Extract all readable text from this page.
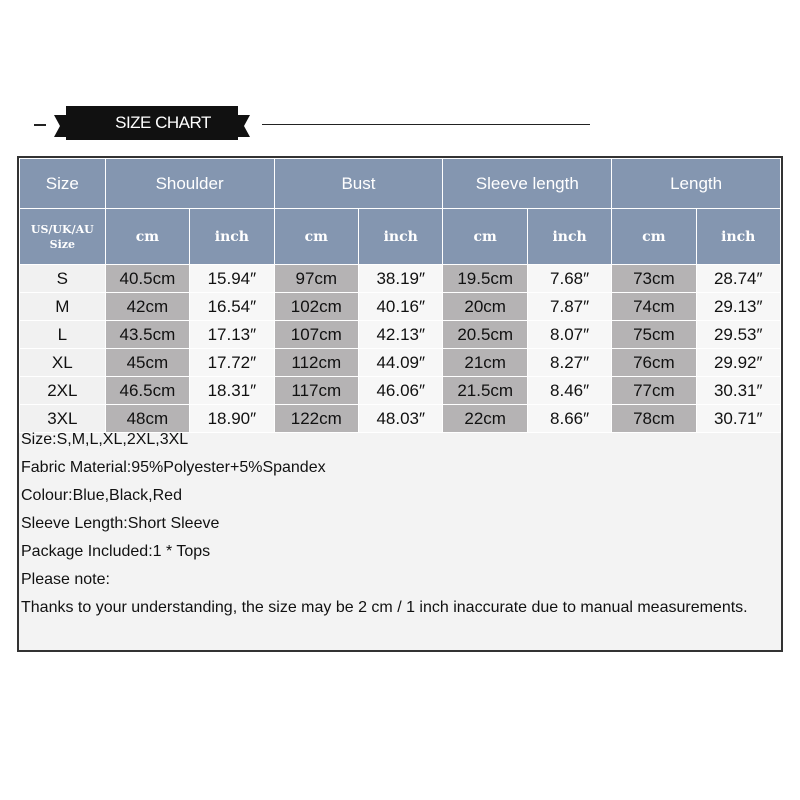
SIZE CHART
Size	Shoulder		Bust		Sleeve length		Length	
US/UK/AU
Size	cm	inch	cm	inch	cm	inch	cm	inch
S	40.5cm	15.94″	97cm	38.19″	19.5cm	7.68″	73cm	28.74″
M	42cm	16.54″	102cm	40.16″	20cm	7.87″	74cm	29.13″
L	43.5cm	17.13″	107cm	42.13″	20.5cm	8.07″	75cm	29.53″
XL	45cm	17.72″	112cm	44.09″	21cm	8.27″	76cm	29.92″
2XL	46.5cm	18.31″	117cm	46.06″	21.5cm	8.46″	77cm	30.31″
3XL	48cm	18.90″	122cm	48.03″	22cm	8.66″	78cm	30.71″
Size:S,M,L,XL,2XL,3XL
Fabric Material:95%Polyester+5%Spandex
Colour:Blue,Black,Red
Sleeve Length:Short Sleeve
Package Included:1 * Tops
Please note:
Thanks to your understanding, the size may be 2 cm / 1 inch inaccurate due to manual measurements.
